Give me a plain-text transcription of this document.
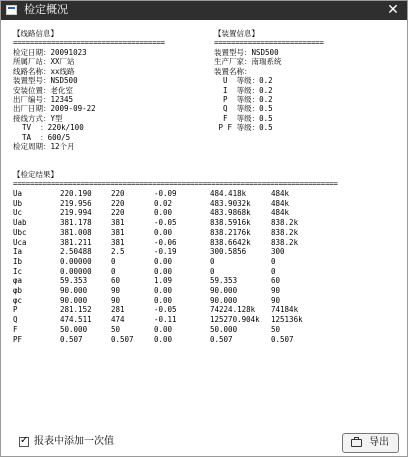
检定概况	✕
【线路信息】
====================================
检定日期：20091023
所属厂站：XX厂站
线路名称：xx线路
装置型号：NSD500
安装位置：老化室
出厂编号：12345
出厂日期：2009-09-22
接线方式：Y型
TV  ：220k/100
TA  ：600/5
检定周期：12个月
【装置信息】
==========================
装置型号：NSD500
生产厂家：南瑞系统
装置名称：
U  等级：0.2
I  等级：0.2
P  等级：0.2
Q  等级：0.5
F  等级：0.5
P F 等级：0.5
【检定结果】
=============================================================================
Ua	220.190	220	-0.09	484.418k	484k
Ub	219.956	220	0.02	483.9032k	484k
Uc	219.994	220	0.00	483.9868k	484k
Uab	381.178	381	-0.05	838.5916k	838.2k
Ubc	381.008	381	0.00	838.2176k	838.2k
Uca	381.211	381	-0.06	838.6642k	838.2k
Ia	2.50488	2.5	-0.19	300.5856	300
Ib	0.00000	0	0.00	0	0
Ic	0.00000	0	0.00	0	0
φa	59.353	60	1.09	59.353	60
φb	90.000	90	0.00	90.000	90
φc	90.000	90	0.00	90.000	90
P	281.152	281	-0.05	74224.128k 74184k
Q	474.511	474	-0.11	125270.904k 125136k
F	50.000	50	0.00	50.000	50
PF	0.507	0.507	0.00	0.507	0.507
✓
报表中添加一次值	导出
